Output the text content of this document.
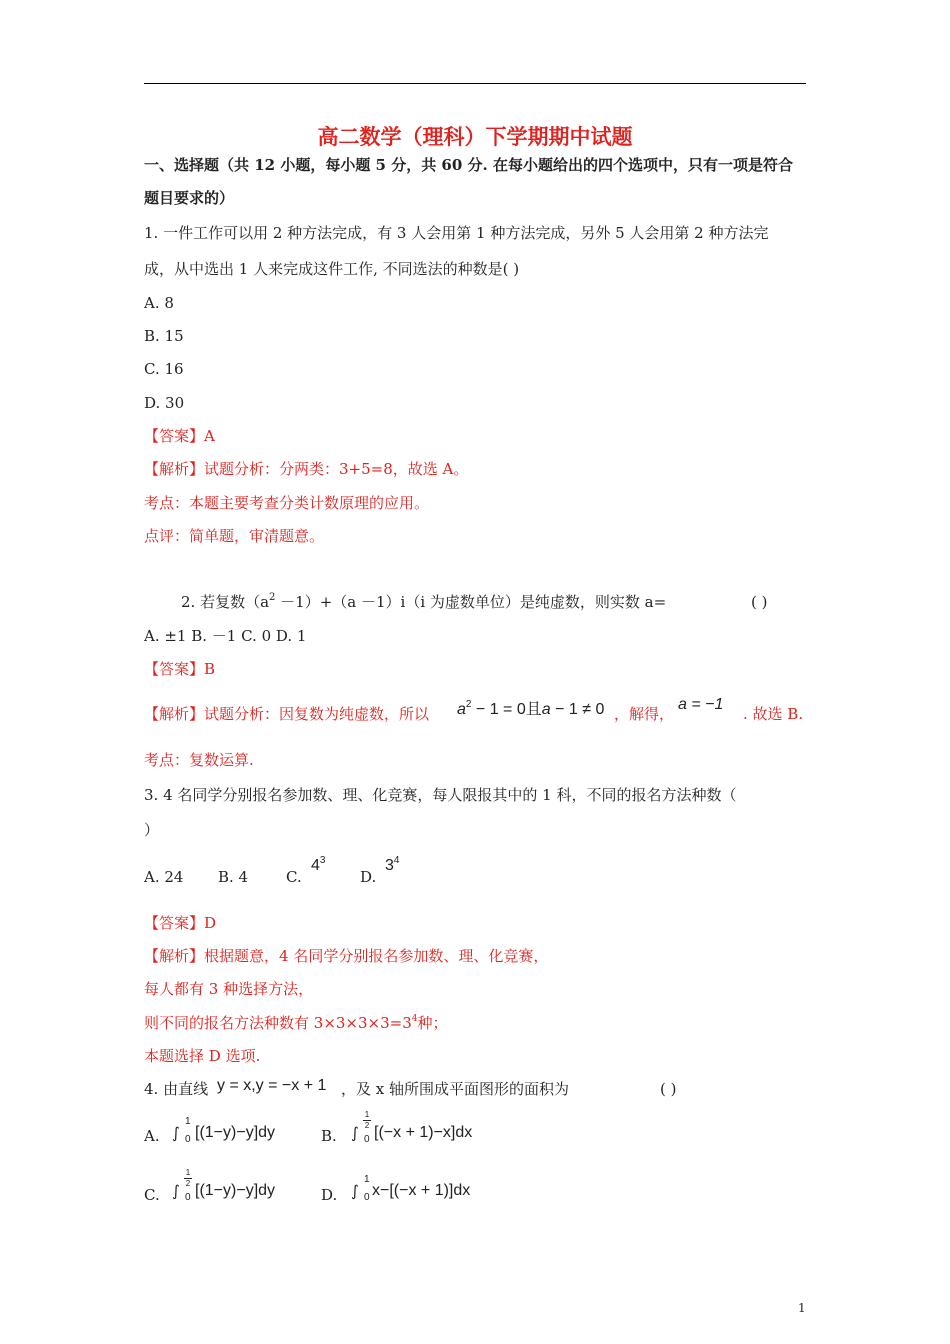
高二数学（理科）下学期期中试题
一、选择题（共 12 小题，每小题 5 分，共 60 分. 在每小题给出的四个选项中，只有一项是符合
题目要求的）
1. 一件工作可以用 2 种方法完成，有 3 人会用第 1 种方法完成，另外 5 人会用第 2 种方法完
成，从中选出 1 人来完成这件工作, 不同选法的种数是( )
A. 8
B. 15
C. 16
D. 30
【答案】A
【解析】试题分析：分两类：3+5=8，故选 A。
考点：本题主要考查分类计数原理的应用。
点评：简单题，审清题意。
2. 若复数$(a^2 -1)+(a -1)i(i$ 为虚数单位）是纯虚数，则实数 a=	( )
A. ±1 B. －1 C. 0 D. 1
【答案】B
【解析】试题分析：因复数为纯虚数，所以 $a^2 - 1 = 0$且a − 1 ≠ 0 ，解得，
a = −1
. 故选 B.
考点：复数运算.
3. 4 名同学分别报名参加数、理、化竞赛，每人限报其中的 1 科，不同的报名方法种数（
）
A. 24 B. 4	C.
$4^3$
D.
$3^4$
【答案】D
【解析】根据题意，4 名同学分别报名参加数、理、化竞赛，
每人都有 3 种选择方法，
则不同的报名方法种数有 $3\times 3\times 3\times 3=3^4$种；
本题选择 D 选项.
4. 由直线 y = x,y = −x + 1 ，及 x 轴所围成平面图形的面积为	( )
A. ∫
1
0 [(1−y)−y]dy	B. ∫
1
2
0 [(−x + 1)−x]dx
C. ∫
1
2
0 [(1−y)−y]dy	D. ∫
1
0 x−[(−x + 1)]dx
1
